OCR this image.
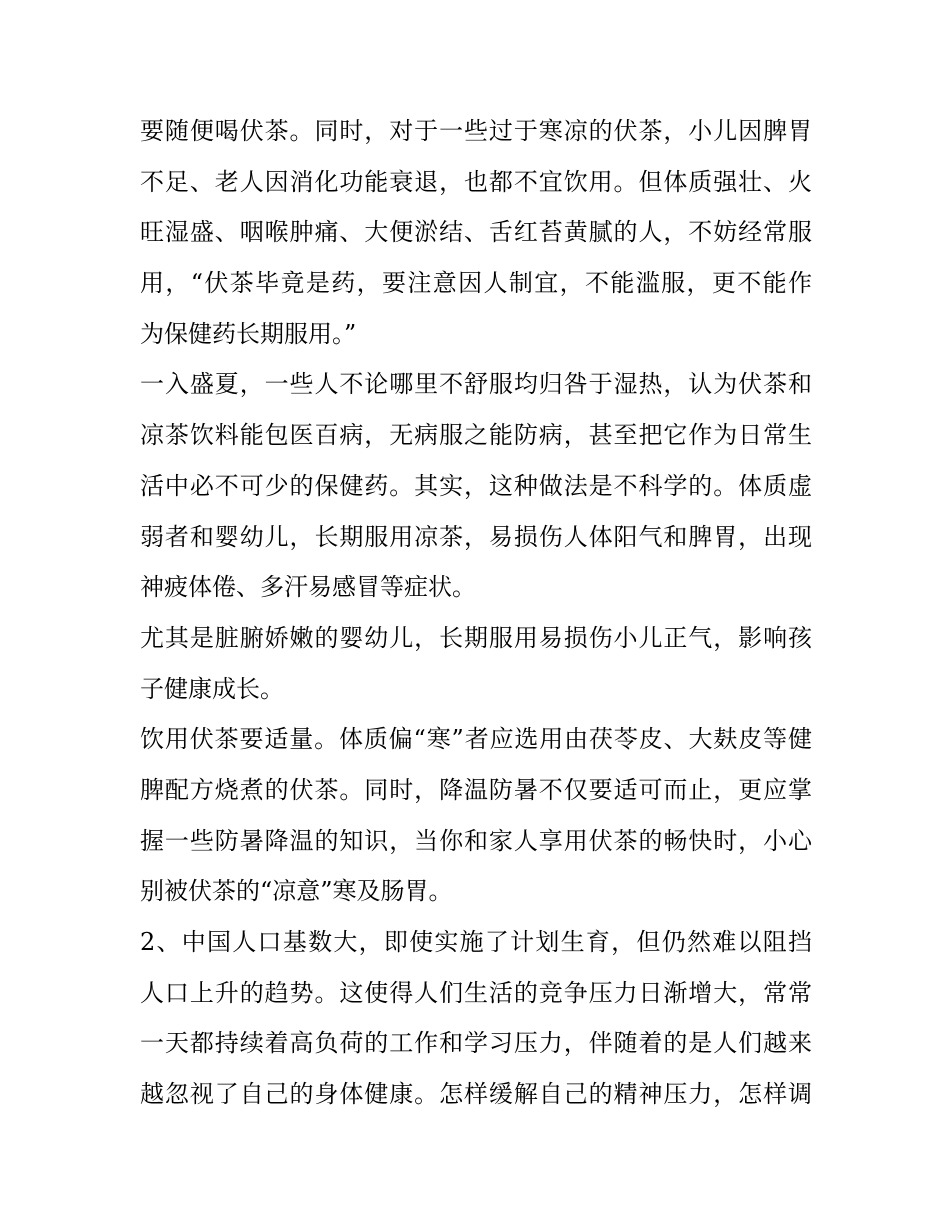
要随便喝伏茶。同时，对于一些过于寒凉的伏茶，小儿因脾胃
不足、老人因消化功能衰退，也都不宜饮用。但体质强壮、火
旺湿盛、咽喉肿痛、大便淤结、舌红苔黄腻的人，不妨经常服
用，“伏茶毕竟是药，要注意因人制宜，不能滥服，更不能作
为保健药长期服用。”
一入盛夏，一些人不论哪里不舒服均归咎于湿热，认为伏茶和
凉茶饮料能包医百病，无病服之能防病，甚至把它作为日常生
活中必不可少的保健药。其实，这种做法是不科学的。体质虚
弱者和婴幼儿，长期服用凉茶，易损伤人体阳气和脾胃，出现
神疲体倦、多汗易感冒等症状。
尤其是脏腑娇嫩的婴幼儿，长期服用易损伤小儿正气，影响孩
子健康成长。
饮用伏茶要适量。体质偏“寒”者应选用由茯苓皮、大麸皮等健
脾配方烧煮的伏茶。同时，降温防暑不仅要适可而止，更应掌
握一些防暑降温的知识，当你和家人享用伏茶的畅快时，小心
别被伏茶的“凉意”寒及肠胃。
2、中国人口基数大，即使实施了计划生育，但仍然难以阻挡
人口上升的趋势。这使得人们生活的竞争压力日渐增大，常常
一天都持续着高负荷的工作和学习压力，伴随着的是人们越来
越忽视了自己的身体健康。怎样缓解自己的精神压力，怎样调
